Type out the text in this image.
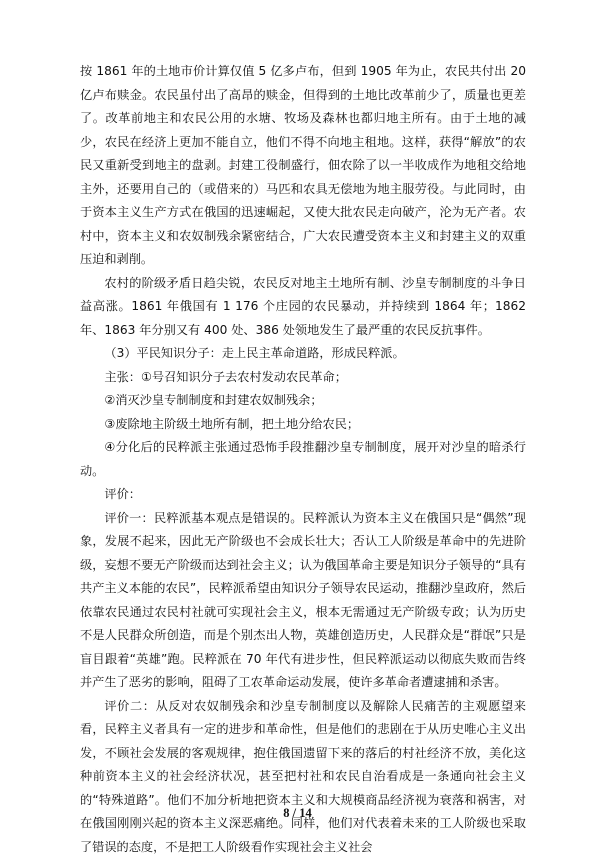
按 1861 年的土地市价计算仅值 5 亿多卢布，但到 1905 年为止，农民共付出 20 亿卢布赎金。农民虽付出了高昂的赎金，但得到的土地比改革前少了，质量也更差了。改革前地主和农民公用的水塘、牧场及森林也都归地主所有。由于土地的减少，农民在经济上更加不能自立，他们不得不向地主租地。这样，获得“解放”的农民又重新受到地主的盘剥。封建工役制盛行，佃农除了以一半收成作为地租交给地主外，还要用自己的（或借来的）马匹和农具无偿地为地主服劳役。与此同时，由于资本主义生产方式在俄国的迅速崛起，又使大批农民走向破产，沦为无产者。农村中，资本主义和农奴制残余紧密结合，广大农民遭受资本主义和封建主义的双重压迫和剥削。

农村的阶级矛盾日趋尖锐，农民反对地主土地所有制、沙皇专制制度的斗争日益高涨。1861 年俄国有 1 176 个庄园的农民暴动，并持续到 1864 年；1862 年、1863 年分别又有 400 处、386 处领地发生了最严重的农民反抗事件。

（3）平民知识分子：走上民主革命道路，形成民粹派。

主张：①号召知识分子去农村发动农民革命；

②消灭沙皇专制制度和封建农奴制残余；

③废除地主阶级土地所有制，把土地分给农民；

④分化后的民粹派主张通过恐怖手段推翻沙皇专制制度，展开对沙皇的暗杀行动。

评价：

评价一：民粹派基本观点是错误的。民粹派认为资本主义在俄国只是“偶然”现象，发展不起来，因此无产阶级也不会成长壮大；否认工人阶级是革命中的先进阶级，妄想不要无产阶级而达到社会主义；认为俄国革命主要是知识分子领导的“具有共产主义本能的农民”，民粹派希望由知识分子领导农民运动，推翻沙皇政府，然后依靠农民通过农民村社就可实现社会主义，根本无需通过无产阶级专政；认为历史不是人民群众所创造，而是个别杰出人物，英雄创造历史，人民群众是“群氓”只是盲目跟着“英雄”跑。民粹派在 70 年代有进步性，但民粹派运动以彻底失败而告终并产生了恶劣的影响，阻碍了工农革命运动发展，使许多革命者遭逮捕和杀害。

评价二：从反对农奴制残余和沙皇专制制度以及解除人民痛苦的主观愿望来看，民粹主义者具有一定的进步和革命性，但是他们的悲剧在于从历史唯心主义出发，不顾社会发展的客观规律，抱住俄国遗留下来的落后的村社经济不放，美化这种前资本主义的社会经济状况，甚至把村社和农民自治看成是一条通向社会主义的“特殊道路”。他们不加分析地把资本主义和大规模商品经济视为衰落和祸害，对在俄国刚刚兴起的资本主义深恶痛绝。同样，他们对代表着未来的工人阶级也采取了错误的态度，不是把工人阶级看作实现社会主义社会

8 / 14
